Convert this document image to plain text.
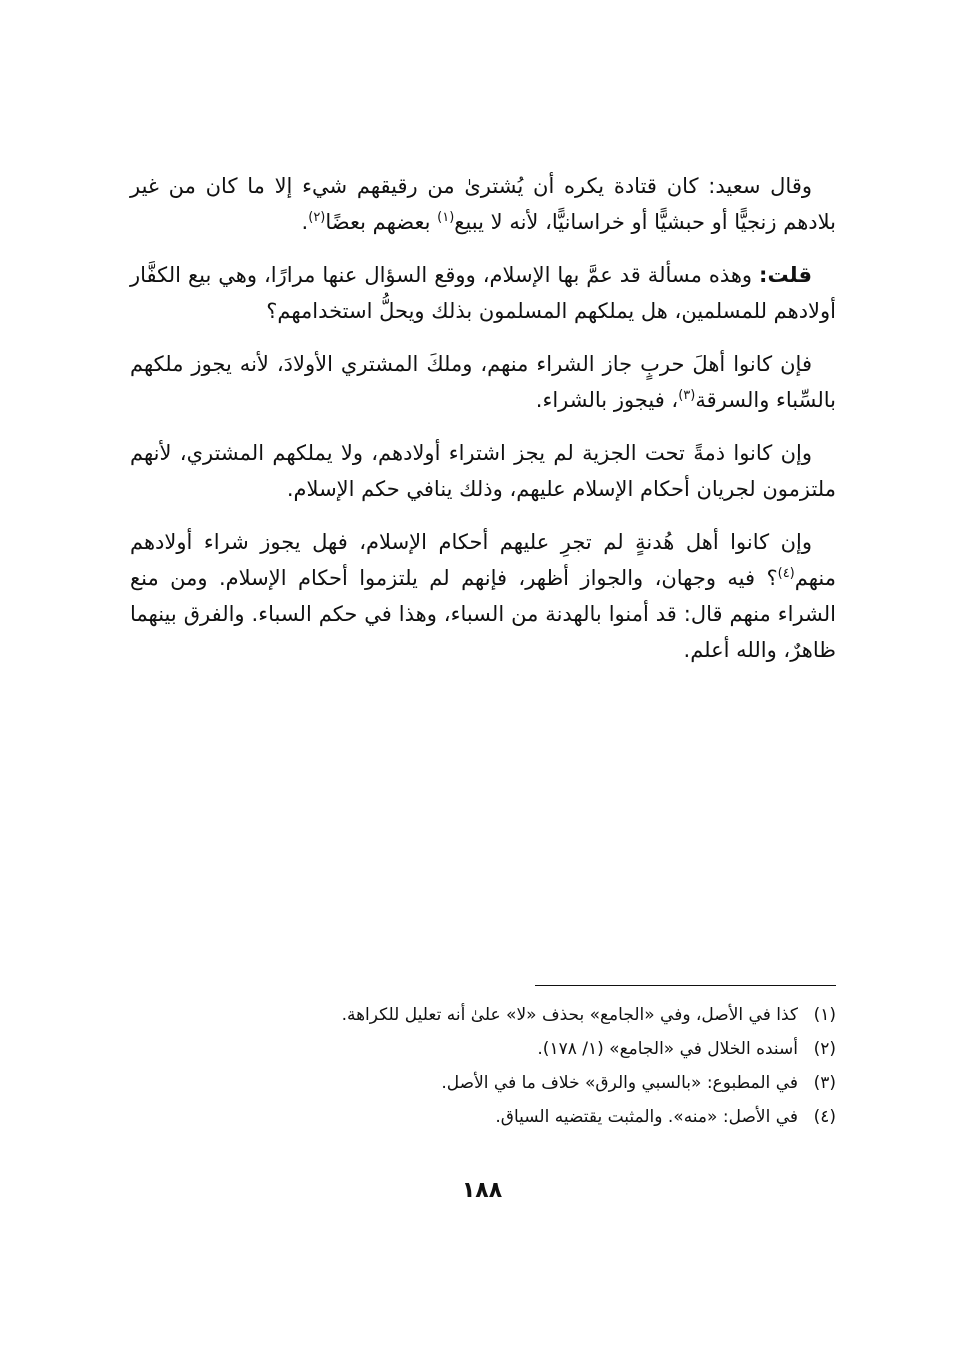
وقال سعيد: كان قتادة يكره أن يُشترىٰ من رقيقهم شيء إلا ما كان من غير بلادهم زنجيًّا أو حبشيًّا أو خراسانيًّا، لأنه لا يبيع$^{(١)}$ بعضهم بعضًا$^{(٢)}$.

قلت: وهذه مسألة قد عمَّ بها الإسلام، ووقع السؤال عنها مرارًا، وهي بيع الكفَّار أولادهم للمسلمين، هل يملكهم المسلمون بذلك ويحلُّ استخدامهم؟

فإن كانوا أهلَ حربٍ جاز الشراء منهم، وملكَ المشتري الأولادَ، لأنه يجوز ملكهم بالسِّباء والسرقة$^{(٣)}$، فيجوز بالشراء.

وإن كانوا ذمةً تحت الجزية لم يجز اشتراء أولادهم، ولا يملكهم المشتري، لأنهم ملتزمون لجريان أحكام الإسلام عليهم، وذلك ينافي حكم الإسلام.

وإن كانوا أهل هُدنةٍ لم تجرِ عليهم أحكام الإسلام، فهل يجوز شراء أولادهم منهم$^{(٤)}$؟ فيه وجهان، والجواز أظهر، فإنهم لم يلتزموا أحكام الإسلام. ومن منع الشراء منهم قال: قد أمنوا بالهدنة من السباء، وهذا في حكم السباء. والفرق بينهما ظاهرٌ، والله أعلم.

(١)كذا في الأصل، وفي «الجامع» بحذف «لا» علىٰ أنه تعليل للكراهة.
(٢)أسنده الخلال في «الجامع» (١/ ١٧٨).
(٣)في المطبوع: «بالسبي والرق» خلاف ما في الأصل.
(٤)في الأصل: «منه». والمثبت يقتضيه السياق.
١٨٨
